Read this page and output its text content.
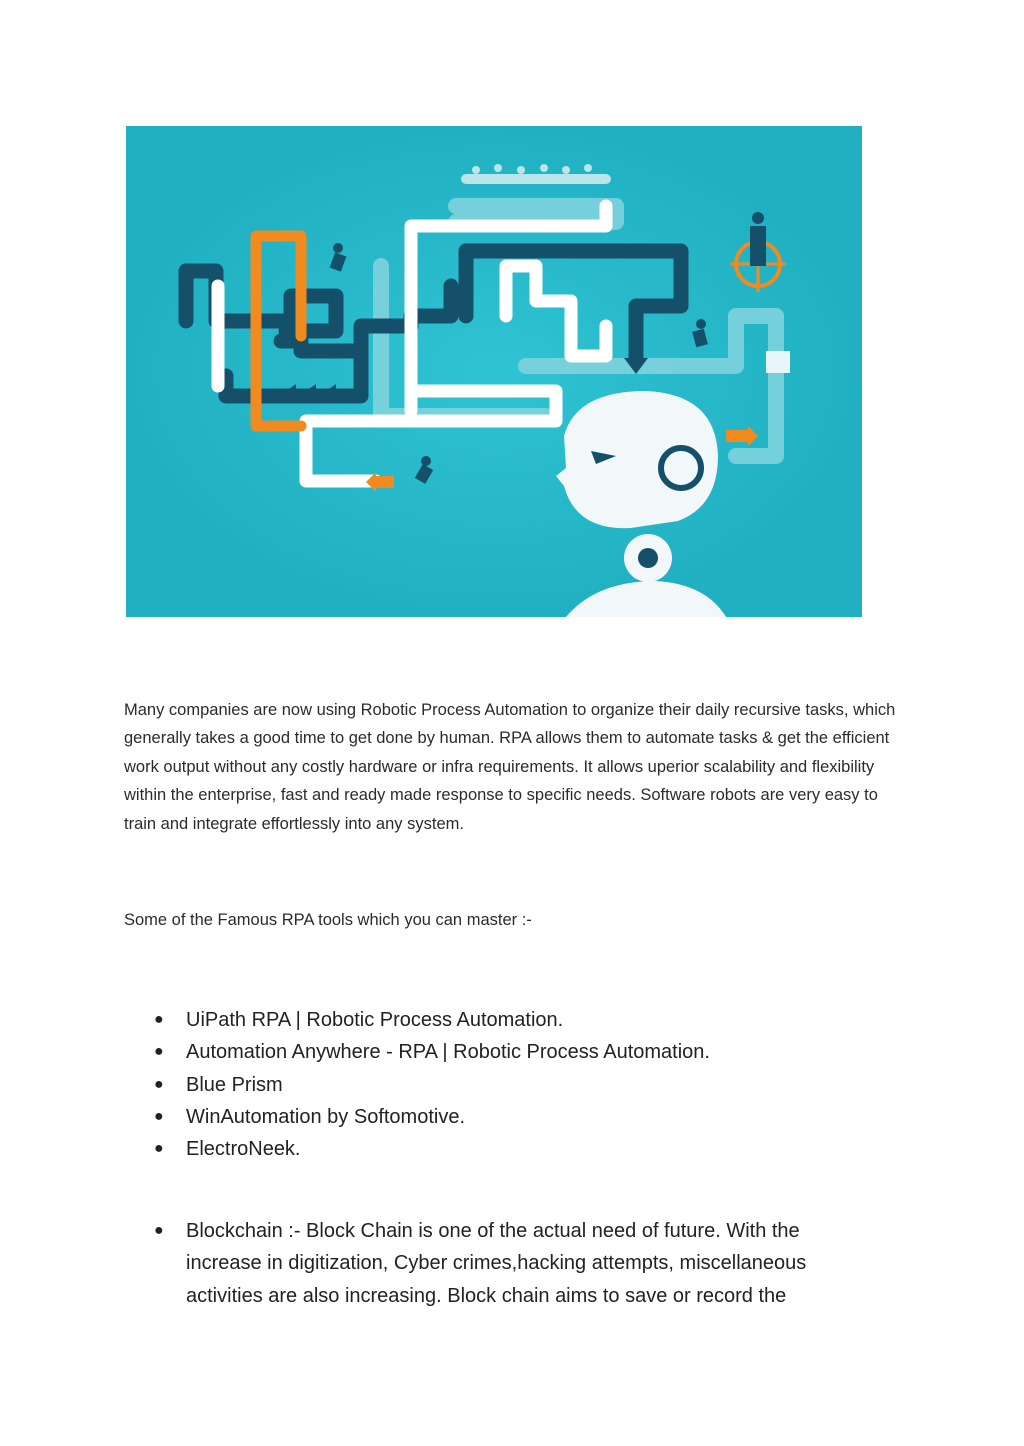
Many companies are now using Robotic Process Automation to organize their daily recursive tasks, which generally takes a good time to get done by human. RPA allows them to automate tasks & get the efficient work output without any costly hardware or infra requirements. It allows uperior scalability and flexibility within the enterprise, fast and ready made response to specific needs. Software robots are very easy to train and integrate effortlessly into any system.

Some of the Famous RPA tools which you can master :-

● UiPath RPA | Robotic Process Automation.
● Automation Anywhere - RPA | Robotic Process Automation.
● Blue Prism
● WinAutomation by Softomotive.
● ElectroNeek.
● Blockchain :- Block Chain is one of the actual need of future. With the increase in digitization, Cyber crimes,hacking attempts, miscellaneous activities are also increasing. Block chain aims to save or record the
